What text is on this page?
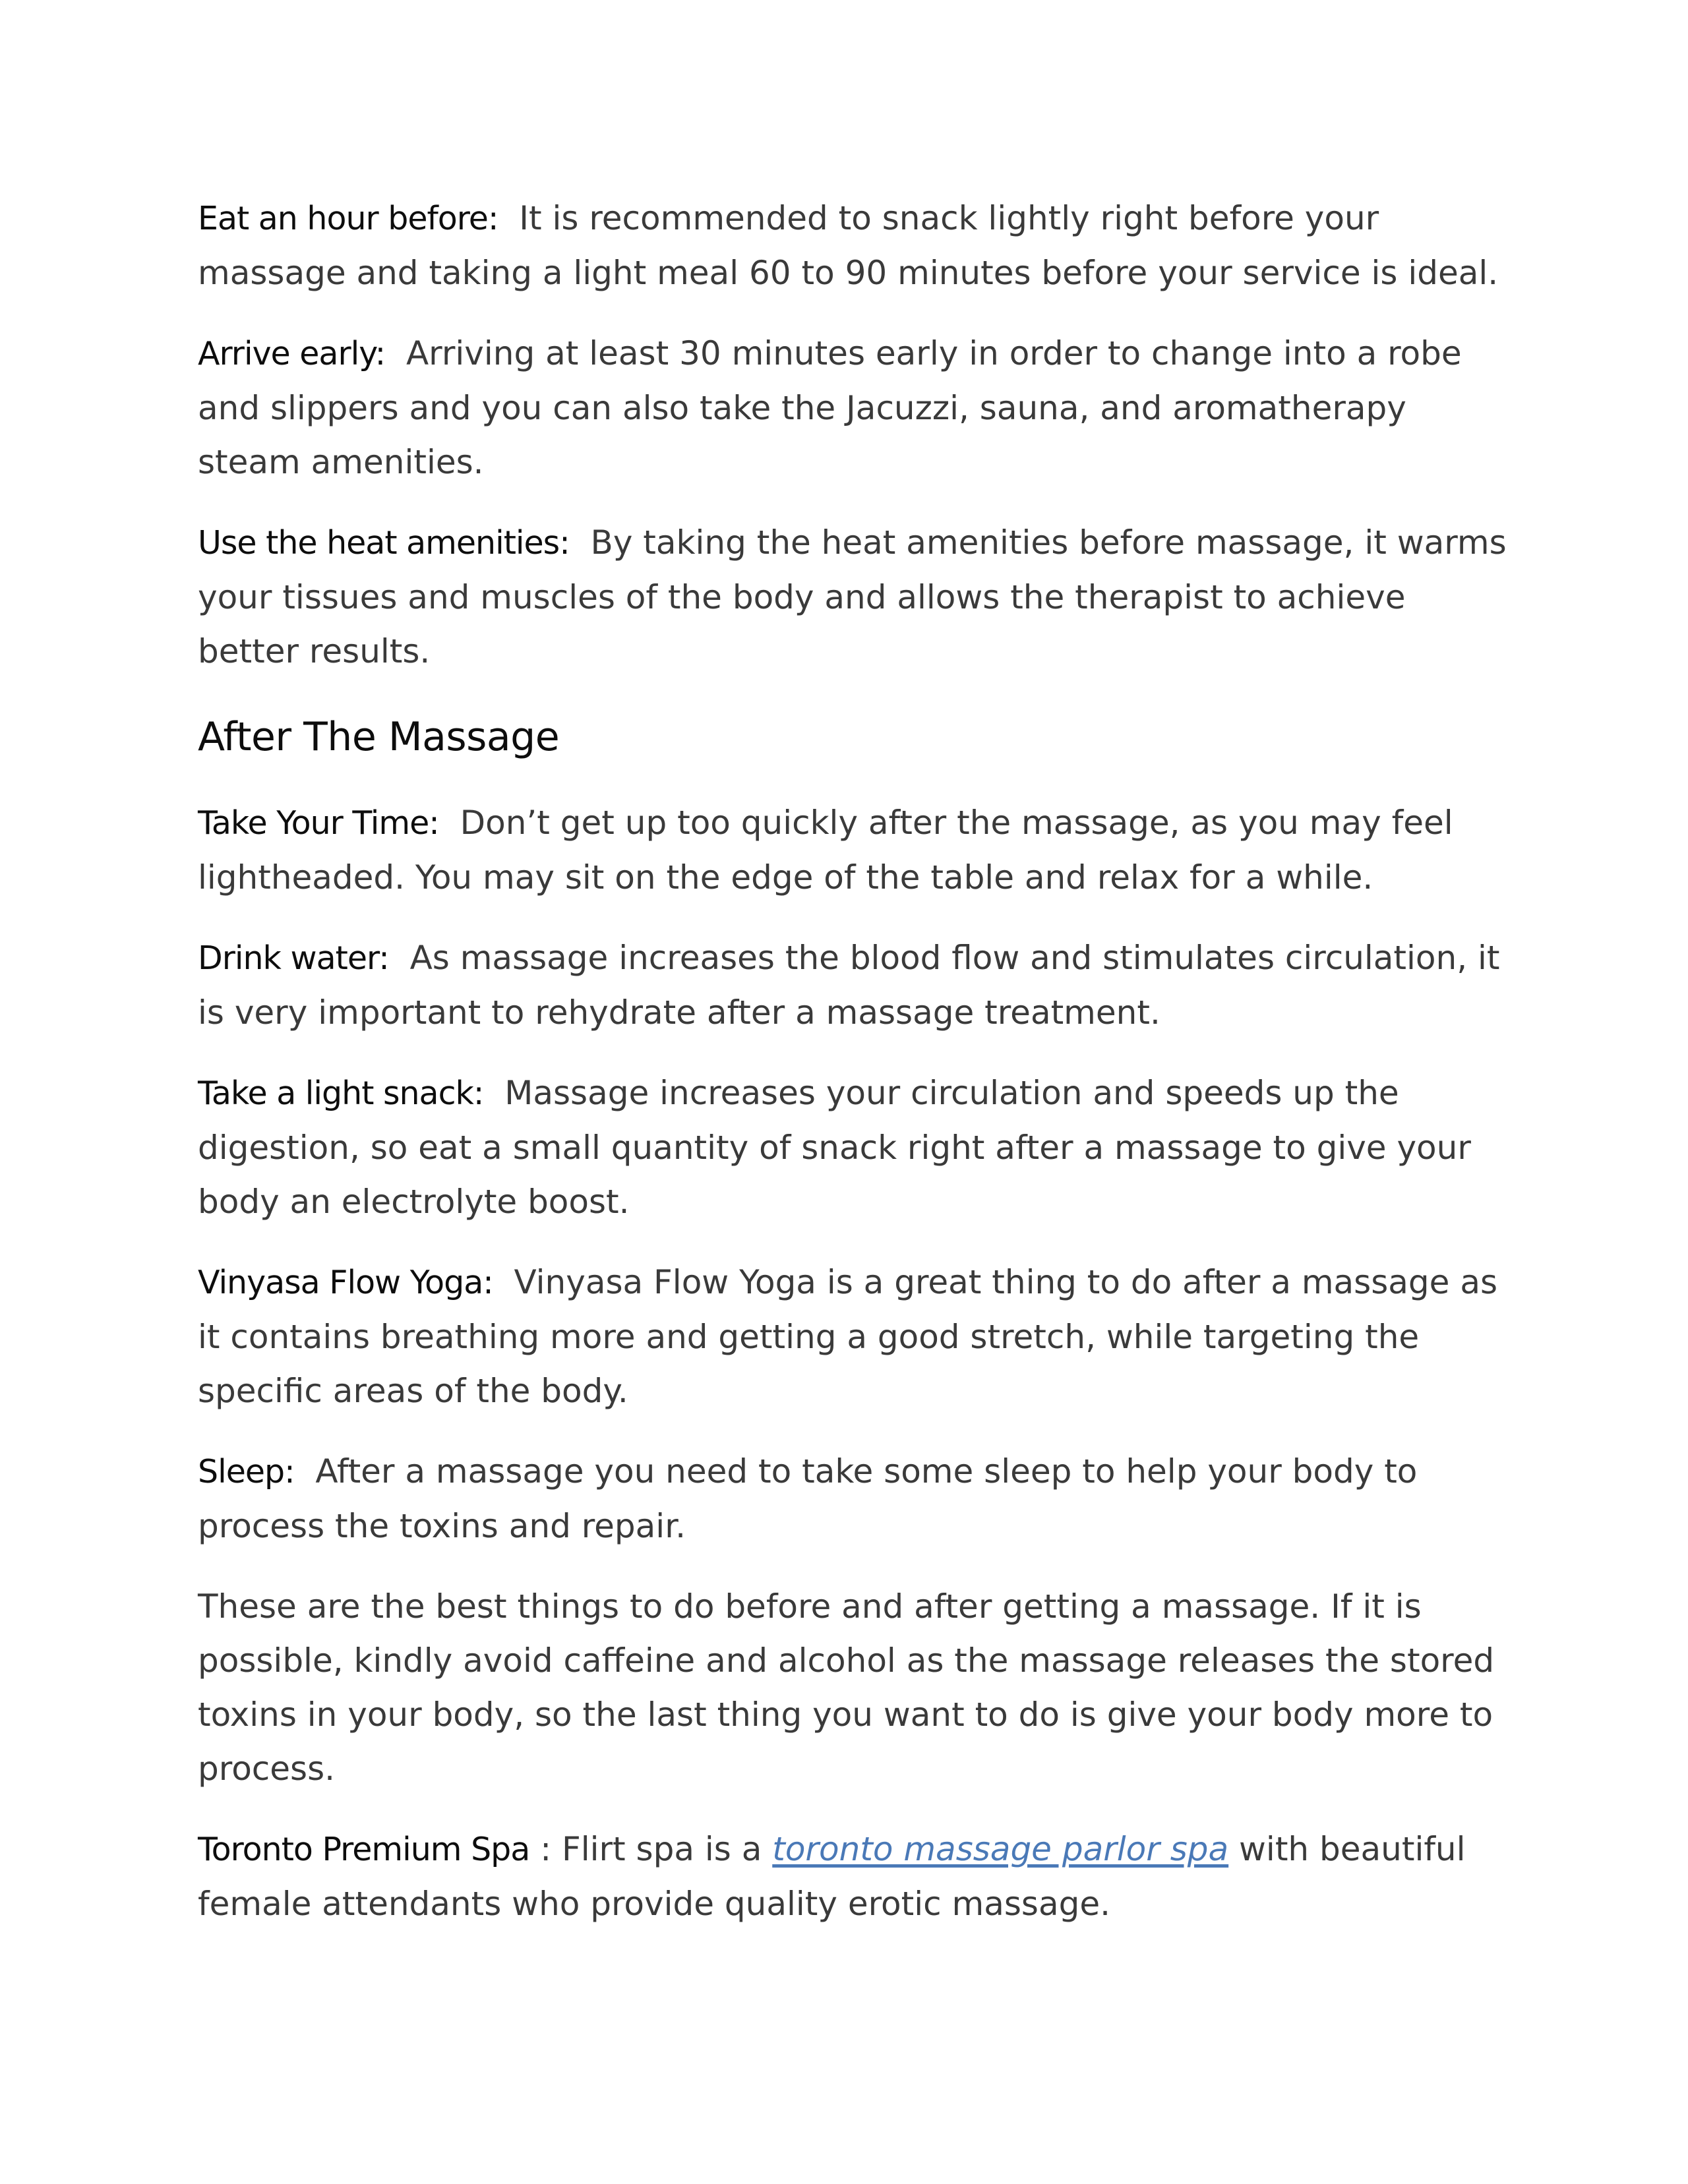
Eat an hour before: It is recommended to snack lightly right before your massage and taking a light meal 60 to 90 minutes before your service is ideal.

Arrive early: Arriving at least 30 minutes early in order to change into a robe and slippers and you can also take the Jacuzzi, sauna, and aromatherapy steam amenities.

Use the heat amenities: By taking the heat amenities before massage, it warms your tissues and muscles of the body and allows the therapist to achieve better results.

After The Massage

Take Your Time: Don’t get up too quickly after the massage, as you may feel lightheaded. You may sit on the edge of the table and relax for a while.

Drink water: As massage increases the blood flow and stimulates circulation, it is very important to rehydrate after a massage treatment.

Take a light snack: Massage increases your circulation and speeds up the digestion, so eat a small quantity of snack right after a massage to give your body an electrolyte boost.

Vinyasa Flow Yoga: Vinyasa Flow Yoga is a great thing to do after a massage as it contains breathing more and getting a good stretch, while targeting the specific areas of the body.

Sleep: After a massage you need to take some sleep to help your body to process the toxins and repair.

These are the best things to do before and after getting a massage. If it is possible, kindly avoid caffeine and alcohol as the massage releases the stored toxins in your body, so the last thing you want to do is give your body more to process.

Toronto Premium Spa : Flirt spa is a toronto massage parlor spa with beautiful female attendants who provide quality erotic massage.
